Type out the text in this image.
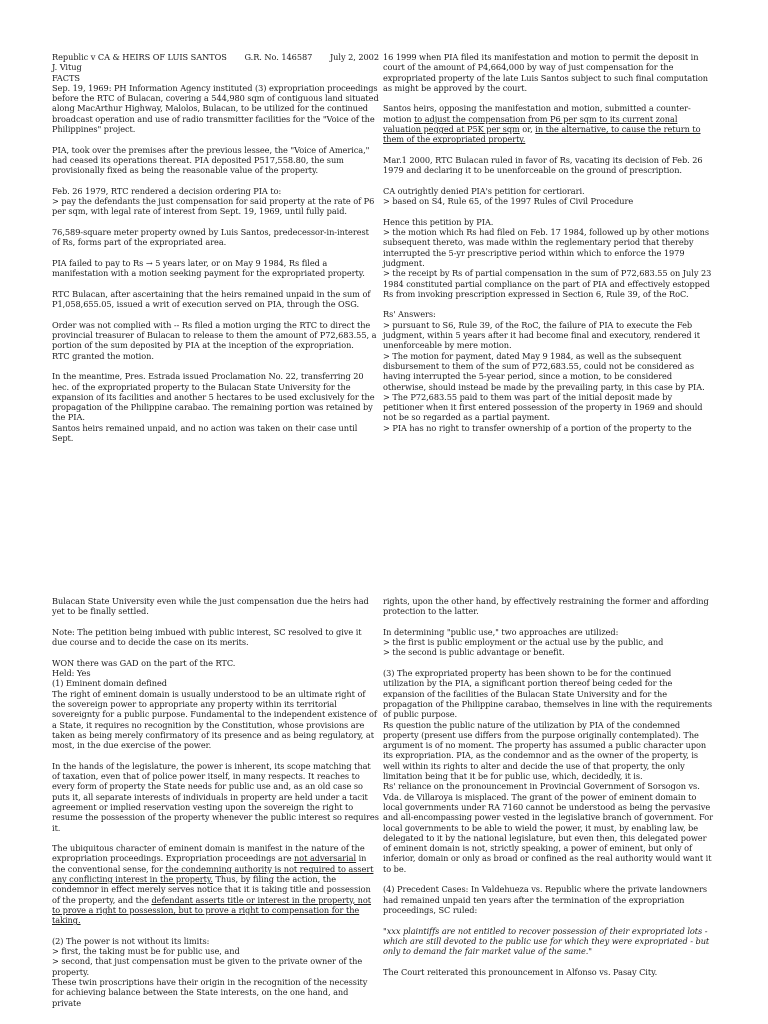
Republic v CA & HEIRS OF LUIS SANTOS G.R. No. 146587 July 2, 2002
J. Vitug
FACTS
Sep. 19, 1969: PH Information Agency instituted (3) expropriation proceedings before the RTC of Bulacan, covering a 544,980 sqm of contiguous land situated along MacArthur Highway, Malolos, Bulacan, to be utilized for the continued broadcast operation and use of radio transmitter facilities for the "Voice of the Philippines" project.
PIA, took over the premises after the previous lessee, the "Voice of America," had ceased its operations thereat. PIA deposited P517,558.80, the sum provisionally fixed as being the reasonable value of the property.
Feb. 26 1979, RTC rendered a decision ordering PIA to:
> pay the defendants the just compensation for said property at the rate of P6 per sqm, with legal rate of interest from Sept. 19, 1969, until fully paid.
76,589-square meter property owned by Luis Santos, predecessor-in-interest of Rs, forms part of the expropriated area.
PIA failed to pay to Rs → 5 years later, or on May 9 1984, Rs filed a manifestation with a motion seeking payment for the expropriated property.
RTC Bulacan, after ascertaining that the heirs remained unpaid in the sum of P1,058,655.05, issued a writ of execution served on PIA, through the OSG.
Order was not complied with -- Rs filed a motion urging the RTC to direct the provincial treasurer of Bulacan to release to them the amount of P72,683.55, a portion of the sum deposited by PIA at the inception of the expropriation.
RTC granted the motion.
In the meantime, Pres. Estrada issued Proclamation No. 22, transferring 20 hec. of the expropriated property to the Bulacan State University for the expansion of its facilities and another 5 hectares to be used exclusively for the propagation of the Philippine carabao. The remaining portion was retained by the PIA.
Santos heirs remained unpaid, and no action was taken on their case until Sept.
16 1999 when PIA filed its manifestation and motion to permit the deposit in court of the amount of P4,664,000 by way of just compensation for the expropriated property of the late Luis Santos subject to such final computation as might be approved by the court.
Santos heirs, opposing the manifestation and motion, submitted a counter-motion to adjust the compensation from P6 per sqm to its current zonal valuation pegged at P5K per sqm or, in the alternative, to cause the return to them of the expropriated property.
Mar.1 2000, RTC Bulacan ruled in favor of Rs, vacating its decision of Feb. 26 1979 and declaring it to be unenforceable on the ground of prescription.
CA outrightly denied PIA's petition for certiorari.
> based on S4, Rule 65, of the 1997 Rules of Civil Procedure
Hence this petition by PIA.
> the motion which Rs had filed on Feb. 17 1984, followed up by other motions subsequent thereto, was made within the reglementary period that thereby interrupted the 5-yr prescriptive period within which to enforce the 1979 judgment.
> the receipt by Rs of partial compensation in the sum of P72,683.55 on July 23 1984 constituted partial compliance on the part of PIA and effectively estopped Rs from invoking prescription expressed in Section 6, Rule 39, of the RoC.
Rs' Answers:
> pursuant to S6, Rule 39, of the RoC, the failure of PIA to execute the Feb judgment, within 5 years after it had become final and executory, rendered it unenforceable by mere motion.
> The motion for payment, dated May 9 1984, as well as the subsequent disbursement to them of the sum of P72,683.55, could not be considered as having interrupted the 5-year period, since a motion, to be considered otherwise, should instead be made by the prevailing party, in this case by PIA.
> The P72,683.55 paid to them was part of the initial deposit made by petitioner when it first entered possession of the property in 1969 and should not be so regarded as a partial payment.
> PIA has no right to transfer ownership of a portion of the property to the
Bulacan State University even while the just compensation due the heirs had yet to be finally settled.
Note: The petition being imbued with public interest, SC resolved to give it due course and to decide the case on its merits.
WON there was GAD on the part of the RTC.
Held: Yes
(1) Eminent domain defined
The right of eminent domain is usually understood to be an ultimate right of the sovereign power to appropriate any property within its territorial sovereignty for a public purpose. Fundamental to the independent existence of a State, it requires no recognition by the Constitution, whose provisions are taken as being merely confirmatory of its presence and as being regulatory, at most, in the due exercise of the power.
In the hands of the legislature, the power is inherent, its scope matching that of taxation, even that of police power itself, in many respects. It reaches to every form of property the State needs for public use and, as an old case so puts it, all separate interests of individuals in property are held under a tacit agreement or implied reservation vesting upon the sovereign the right to resume the possession of the property whenever the public interest so requires it.
The ubiquitous character of eminent domain is manifest in the nature of the expropriation proceedings. Expropriation proceedings are not adversarial in the conventional sense, for the condemning authority is not required to assert any conflicting interest in the property. Thus, by filing the action, the condemnor in effect merely serves notice that it is taking title and possession of the property, and the defendant asserts title or interest in the property, not to prove a right to possession, but to prove a right to compensation for the taking.
(2) The power is not without its limits:
> first, the taking must be for public use, and
> second, that just compensation must be given to the private owner of the property.
These twin proscriptions have their origin in the recognition of the necessity for achieving balance between the State interests, on the one hand, and private
rights, upon the other hand, by effectively restraining the former and affording protection to the latter.
In determining "public use," two approaches are utilized:
> the first is public employment or the actual use by the public, and
> the second is public advantage or benefit.
(3) The expropriated property has been shown to be for the continued utilization by the PIA, a significant portion thereof being ceded for the expansion of the facilities of the Bulacan State University and for the propagation of the Philippine carabao, themselves in line with the requirements of public purpose.
Rs question the public nature of the utilization by PIA of the condemned property (present use differs from the purpose originally contemplated). The argument is of no moment. The property has assumed a public character upon its expropriation. PIA, as the condemnor and as the owner of the property, is well within its rights to alter and decide the use of that property, the only limitation being that it be for public use, which, decidedly, it is.
Rs' reliance on the pronouncement in Provincial Government of Sorsogon vs. Vda. de Villaroya is misplaced. The grant of the power of eminent domain to local governments under RA 7160 cannot be understood as being the pervasive and all-encompassing power vested in the legislative branch of government. For local governments to be able to wield the power, it must, by enabling law, be delegated to it by the national legislature, but even then, this delegated power of eminent domain is not, strictly speaking, a power of eminent, but only of inferior, domain or only as broad or confined as the real authority would want it to be.
(4) Precedent Cases: In Valdehueza vs. Republic where the private landowners had remained unpaid ten years after the termination of the expropriation proceedings, SC ruled:
"xxx plaintiffs are not entitled to recover possession of their expropriated lots - which are still devoted to the public use for which they were expropriated - but only to demand the fair market value of the same."
The Court reiterated this pronouncement in Alfonso vs. Pasay City.
